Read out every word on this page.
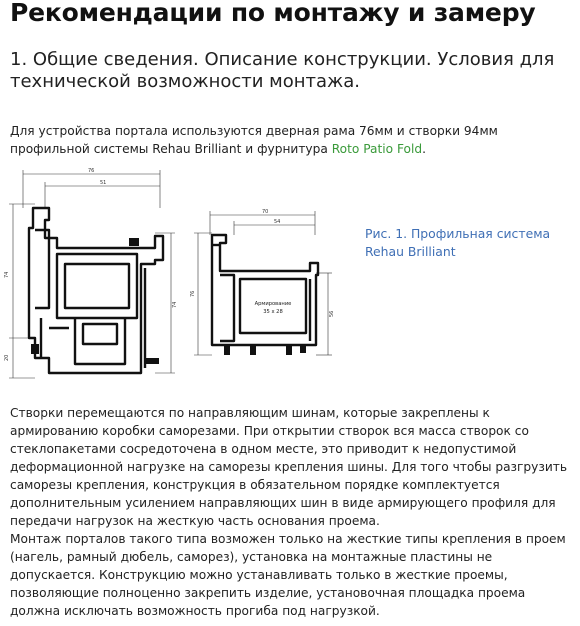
Рекомендации по монтажу и замеру
1. Общие сведения. Описание конструкции. Условия для технической возможности монтажа.

Для устройства портала используются дверная рама 76мм и створки 94мм профильной системы Rehau Brilliant и фурнитура Roto Patio Fold.

76
51
74
74
20
70
54
76
56
Армирование
35 x 28

Рис. 1. Профильная система Rehau Brilliant

Створки перемещаются по направляющим шинам, которые закреплены к армированию коробки саморезами. При открытии створок вся масса створок со стеклопакетами сосредоточена в одном месте, это приводит к недопустимой деформационной нагрузке на саморезы крепления шины. Для того чтобы разгрузить саморезы крепления, конструкция в обязательном порядке комплектуется дополнительным усилением направляющих шин в виде армирующего профиля для передачи нагрузок на жесткую часть основания проема.

Монтаж порталов такого типа возможен только на жесткие типы крепления в проем (нагель, рамный дюбель, саморез), установка на монтажные пластины не допускается. Конструкцию можно устанавливать только в жесткие проемы, позволяющие полноценно закрепить изделие, установочная площадка проема должна исключать возможность прогиба под нагрузкой.
